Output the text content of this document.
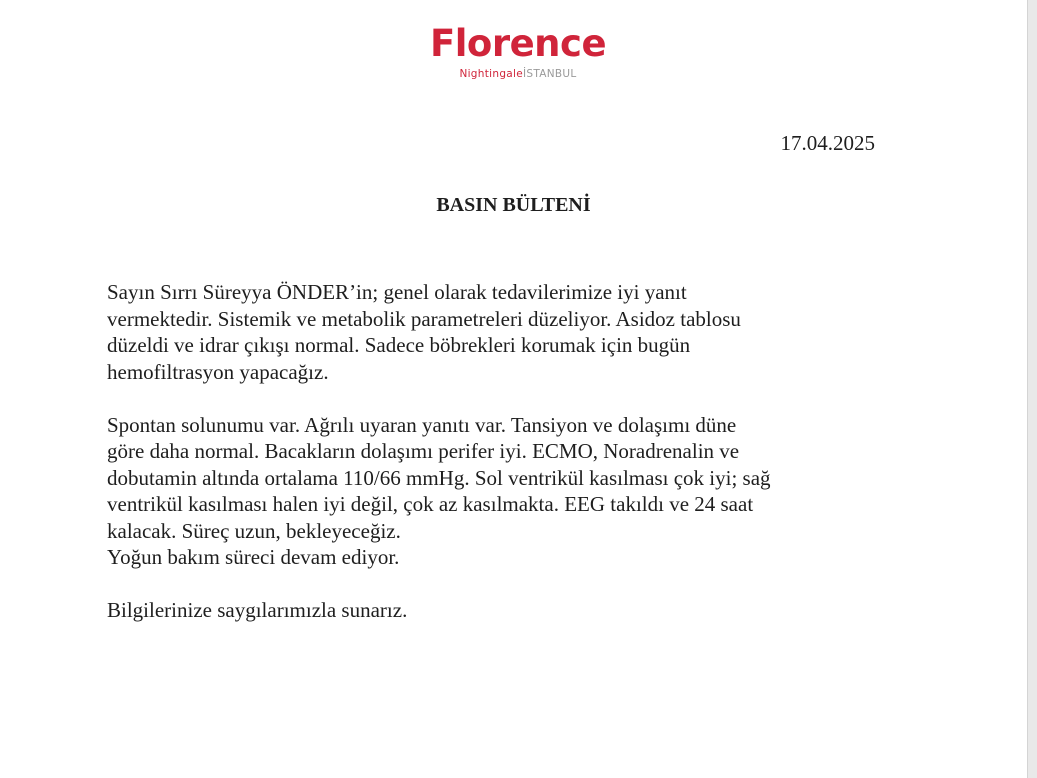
Florence
NightingaleİSTANBUL
17.04.2025
BASIN BÜLTENİ

Sayın Sırrı Süreyya ÖNDER’in; genel olarak tedavilerimize iyi yanıt
vermektedir. Sistemik ve metabolik parametreleri düzeliyor. Asidoz tablosu
düzeldi ve idrar çıkışı normal. Sadece böbrekleri korumak için bugün
hemofiltrasyon yapacağız.

Spontan solunumu var. Ağrılı uyaran yanıtı var. Tansiyon ve dolaşımı düne
göre daha normal. Bacakların dolaşımı perifer iyi. ECMO, Noradrenalin ve
dobutamin altında ortalama 110/66 mmHg. Sol ventrikül kasılması çok iyi; sağ
ventrikül kasılması halen iyi değil, çok az kasılmakta. EEG takıldı ve 24 saat
kalacak. Süreç uzun, bekleyeceğiz.
Yoğun bakım süreci devam ediyor.

Bilgilerinize saygılarımızla sunarız.
